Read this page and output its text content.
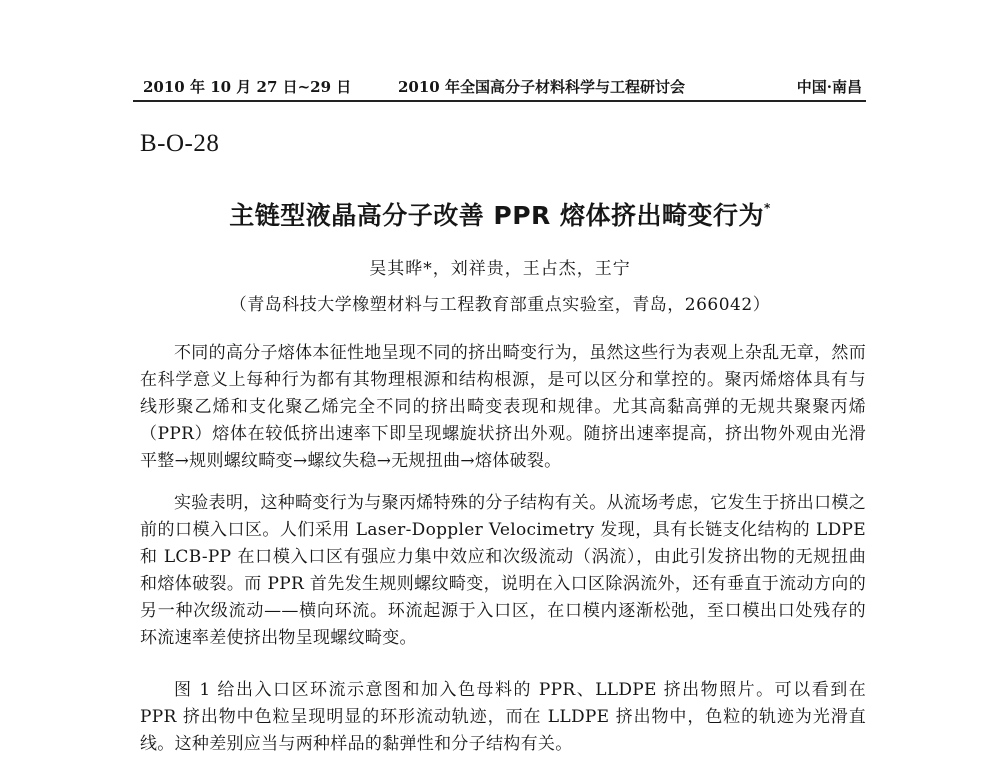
2010 年 10 月 27 日~29 日	2010 年全国高分子材料科学与工程研讨会	中国·南昌
B-O-28
主链型液晶高分子改善 PPR 熔体挤出畸变行为*
吴其晔*，刘祥贵，王占杰，王宁
（青岛科技大学橡塑材料与工程教育部重点实验室，青岛，266042）

不同的高分子熔体本征性地呈现不同的挤出畸变行为，虽然这些行为表观上杂乱无章，然而在科学意义上每种行为都有其物理根源和结构根源，是可以区分和掌控的。聚丙烯熔体具有与线形聚乙烯和支化聚乙烯完全不同的挤出畸变表现和规律。尤其高黏高弹的无规共聚聚丙烯（PPR）熔体在较低挤出速率下即呈现螺旋状挤出外观。随挤出速率提高，挤出物外观由光滑平整→规则螺纹畸变→螺纹失稳→无规扭曲→熔体破裂。

实验表明，这种畸变行为与聚丙烯特殊的分子结构有关。从流场考虑，它发生于挤出口模之前的口模入口区。人们采用 Laser-Doppler Velocimetry 发现，具有长链支化结构的 LDPE 和 LCB-PP 在口模入口区有强应力集中效应和次级流动（涡流），由此引发挤出物的无规扭曲和熔体破裂。而 PPR 首先发生规则螺纹畸变，说明在入口区除涡流外，还有垂直于流动方向的另一种次级流动——横向环流。环流起源于入口区，在口模内逐渐松弛，至口模出口处残存的环流速率差使挤出物呈现螺纹畸变。

图 1 给出入口区环流示意图和加入色母料的 PPR、LLDPE 挤出物照片。可以看到在 PPR 挤出物中色粒呈现明显的环形流动轨迹，而在 LLDPE 挤出物中，色粒的轨迹为光滑直线。这种差别应当与两种样品的黏弹性和分子结构有关。
